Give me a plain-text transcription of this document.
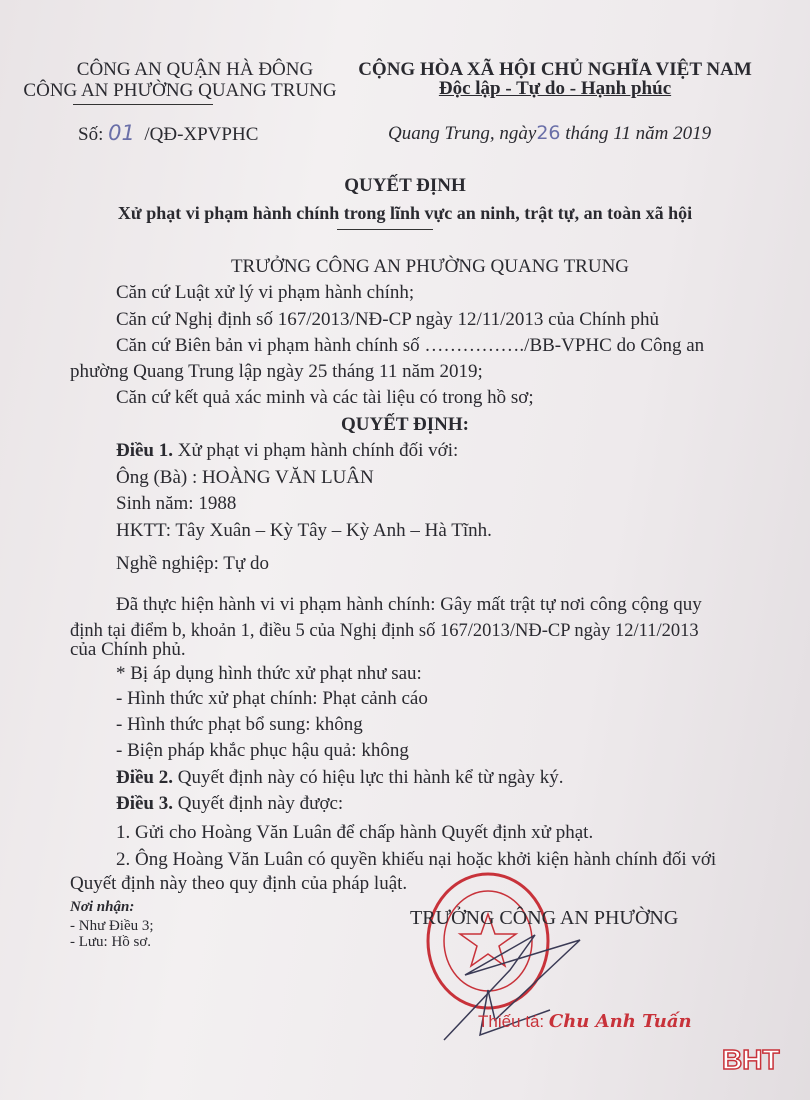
CÔNG AN QUẬN HÀ ĐÔNG
CÔNG AN PHƯỜNG QUANG TRUNG
CỘNG HÒA XÃ HỘI CHỦ NGHĨA VIỆT NAM
Độc lập - Tự do - Hạnh phúc
Số: 01 /QĐ-XPVPHC	Quang Trung, ngày26 tháng 11 năm 2019
QUYẾT ĐỊNH
Xử phạt vi phạm hành chính trong lĩnh vực an ninh, trật tự, an toàn xã hội
TRƯỞNG CÔNG AN PHƯỜNG QUANG TRUNG
Căn cứ Luật xử lý vi phạm hành chính;
Căn cứ Nghị định số 167/2013/NĐ-CP ngày 12/11/2013 của Chính phủ
Căn cứ Biên bản vi phạm hành chính số ……………./BB-VPHC do Công an
phường Quang Trung lập ngày 25 tháng 11 năm 2019;
Căn cứ kết quả xác minh và các tài liệu có trong hồ sơ;
QUYẾT ĐỊNH:
Điều 1. Xử phạt vi phạm hành chính đối với:
Ông (Bà) : HOÀNG VĂN LUÂN
Sinh năm: 1988
HKTT: Tây Xuân – Kỳ Tây – Kỳ Anh – Hà Tĩnh.
Nghề nghiệp: Tự do
Đã thực hiện hành vi vi phạm hành chính: Gây mất trật tự nơi công cộng quy
định tại điểm b, khoản 1, điều 5 của Nghị định số 167/2013/NĐ-CP ngày 12/11/2013
của Chính phủ.
* Bị áp dụng hình thức xử phạt như sau:
- Hình thức xử phạt chính: Phạt cảnh cáo
- Hình thức phạt bổ sung: không
- Biện pháp khắc phục hậu quả: không
Điều 2. Quyết định này có hiệu lực thi hành kể từ ngày ký.
Điều 3. Quyết định này được:
1. Gửi cho Hoàng Văn Luân để chấp hành Quyết định xử phạt.
2. Ông Hoàng Văn Luân có quyền khiếu nại hoặc khởi kiện hành chính đối với
Quyết định này theo quy định của pháp luật.
Nơi nhận:
- Như Điều 3;
- Lưu: Hồ sơ.
TRƯỞNG CÔNG AN PHƯỜNG
Thiếu tá: Chu Anh Tuấn
BHT
